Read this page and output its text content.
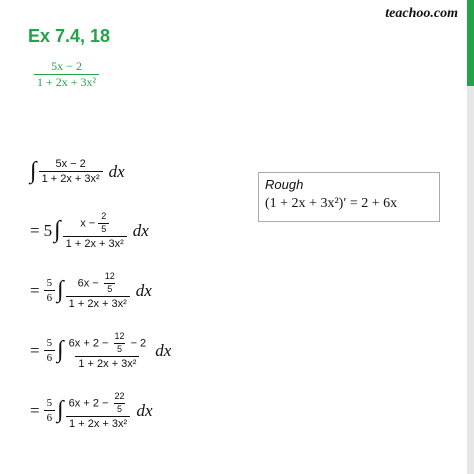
teachoo.com
Ex 7.4, 18
$\frac{5x - 2}{\text{1 + 2x + 3x²}}$
∫ $\frac{5x - 2}{\text{1 + 2x + 3x²}}$ dx
= 5 ∫ $\frac{x - \frac{2}{5}}{\text{1 + 2x + 3x²}}$ dx
= $\frac{5}{6}$ ∫ $\frac{6x - \frac{12}{5}}{\text{1 + 2x + 3x²}}$ dx
= $\frac{5}{6}$ ∫ $\frac{6x + 2 - \frac{12}{5} - 2}{\text{1 + 2x + 3x²}}$ dx
= $\frac{5}{6}$ ∫ $\frac{6x + 2 - \frac{22}{5}}{\text{1 + 2x + 3x²}}$ dx
Rough
(1 + 2x + 3x²)′ = 2 + 6x
